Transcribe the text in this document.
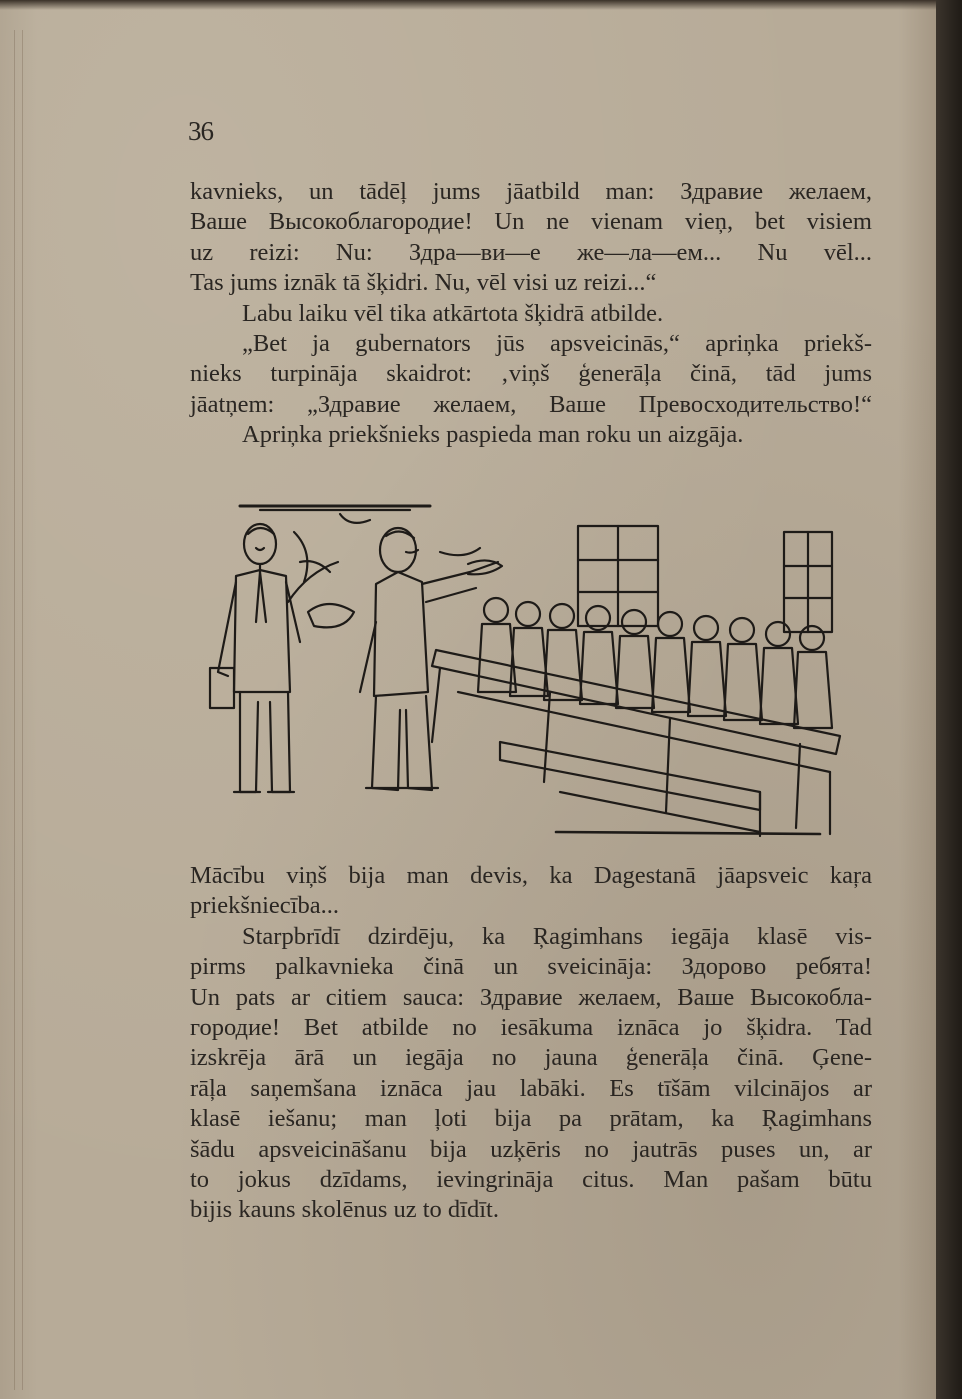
36
kavnieks, un tādēļ jums jāatbild man: Здравие желаем,
Ваше Высокоблагородие! Un ne vienam vieņ, bet visiem
uz reizi: Nu: Здра—ви—е же—ла—ем... Nu vēl...
Tas jums iznāk tā šķidri. Nu, vēl visi uz reizi...“
Labu laiku vēl tika atkārtota šķidrā atbilde.
„Bet ja gubernators jūs apsveicinās,“ apriņka priekš-
nieks turpināja skaidrot: ‚viņš ģenerāļa činā, tād jums
jāatņem: „Здравие желаем, Ваше Превосходительство!“
Apriņka priekšnieks paspieda man roku un aizgāja.
Mācību viņš bija man devis, ka Dagestanā jāapsveic kaŗa
priekšniecība...
Starpbrīdī dzirdēju, ka Ŗagimhans iegāja klasē vis-
pirms palkavnieka činā un sveicināja: Здорово ребята!
Un pats ar citiem sauca: Здравие желаем, Ваше Высокобла-
городие! Bet atbilde no iesākuma iznāca jo šķidra. Tad
izskrēja ārā un iegāja no jauna ģenerāļa činā. Ģene-
rāļa saņemšana iznāca jau labāki. Es tīšām vilcinājos ar
klasē iešanu; man ļoti bija pa prātam, ka Ŗagimhans
šādu apsveicināšanu bija uzķēris no jautrās puses un, ar
to jokus dzīdams, ievingrināja citus. Man pašam būtu
bijis kauns skolēnus uz to dīdīt.
